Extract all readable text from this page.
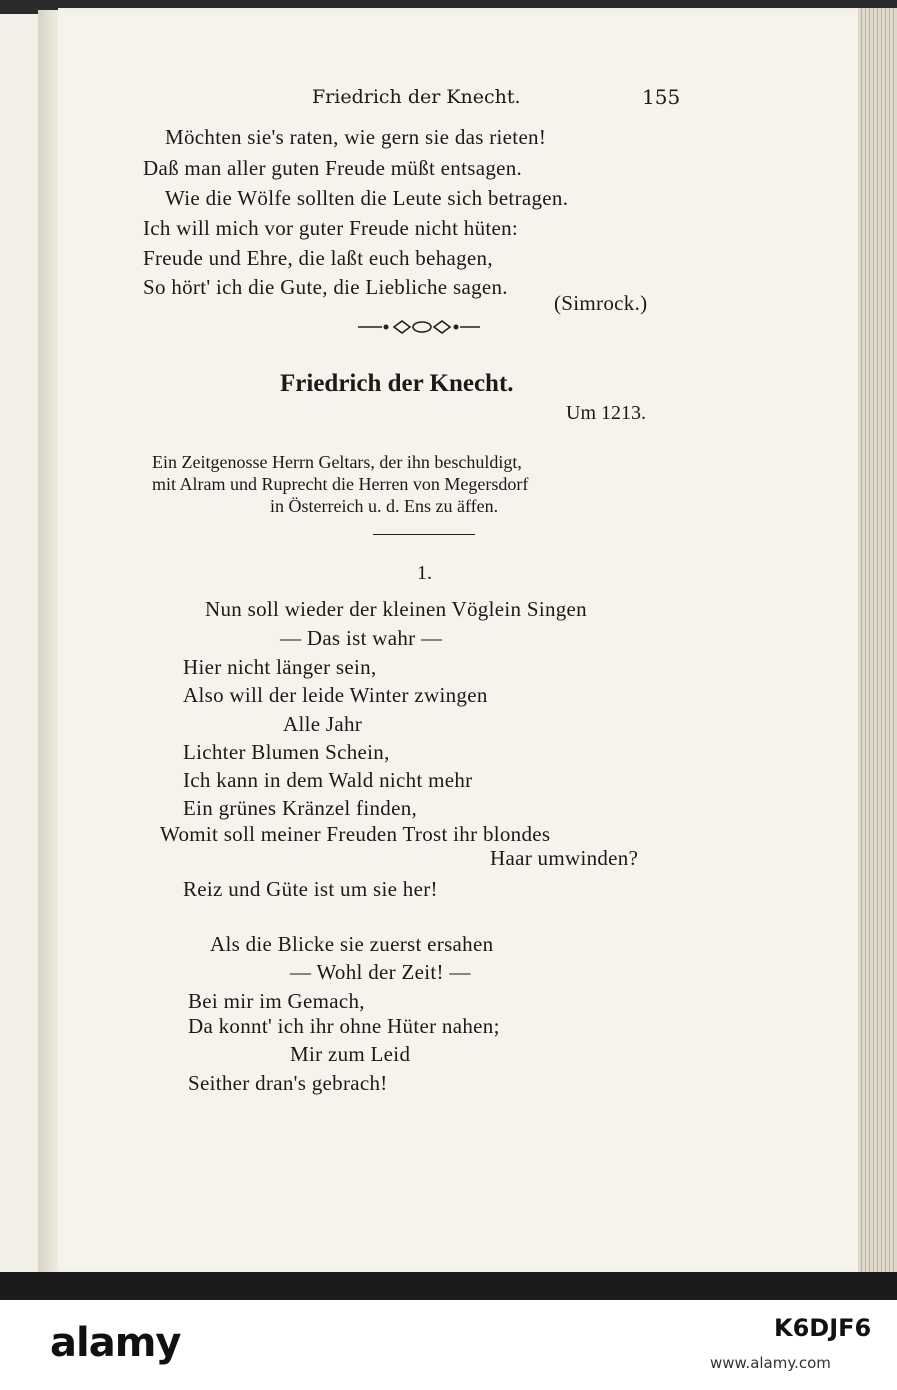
Friedrich der Knecht.	155
Möchten sie's raten, wie gern sie das rieten!
Daß man aller guten Freude müßt entsagen.
Wie die Wölfe sollten die Leute sich betragen.
Ich will mich vor guter Freude nicht hüten:
Freude und Ehre, die laßt euch behagen,
So hört' ich die Gute, die Liebliche sagen.
(Simrock.)
Friedrich der Knecht.
Um 1213.
Ein Zeitgenosse Herrn Geltars, der ihn beschuldigt,
mit Alram und Ruprecht die Herren von Megersdorf
in Österreich u. d. Ens zu äffen.
1.
Nun soll wieder der kleinen Vöglein Singen
— Das ist wahr —
Hier nicht länger sein,
Also will der leide Winter zwingen
Alle Jahr
Lichter Blumen Schein,
Ich kann in dem Wald nicht mehr
Ein grünes Kränzel finden,
Womit soll meiner Freuden Trost ihr blondes
Haar umwinden?
Reiz und Güte ist um sie her!
Als die Blicke sie zuerst ersahen
— Wohl der Zeit! —
Bei mir im Gemach,
Da konnt' ich ihr ohne Hüter nahen;
Mir zum Leid
Seither dran's gebrach!
alamy	K6DJF6
www.alamy.com
